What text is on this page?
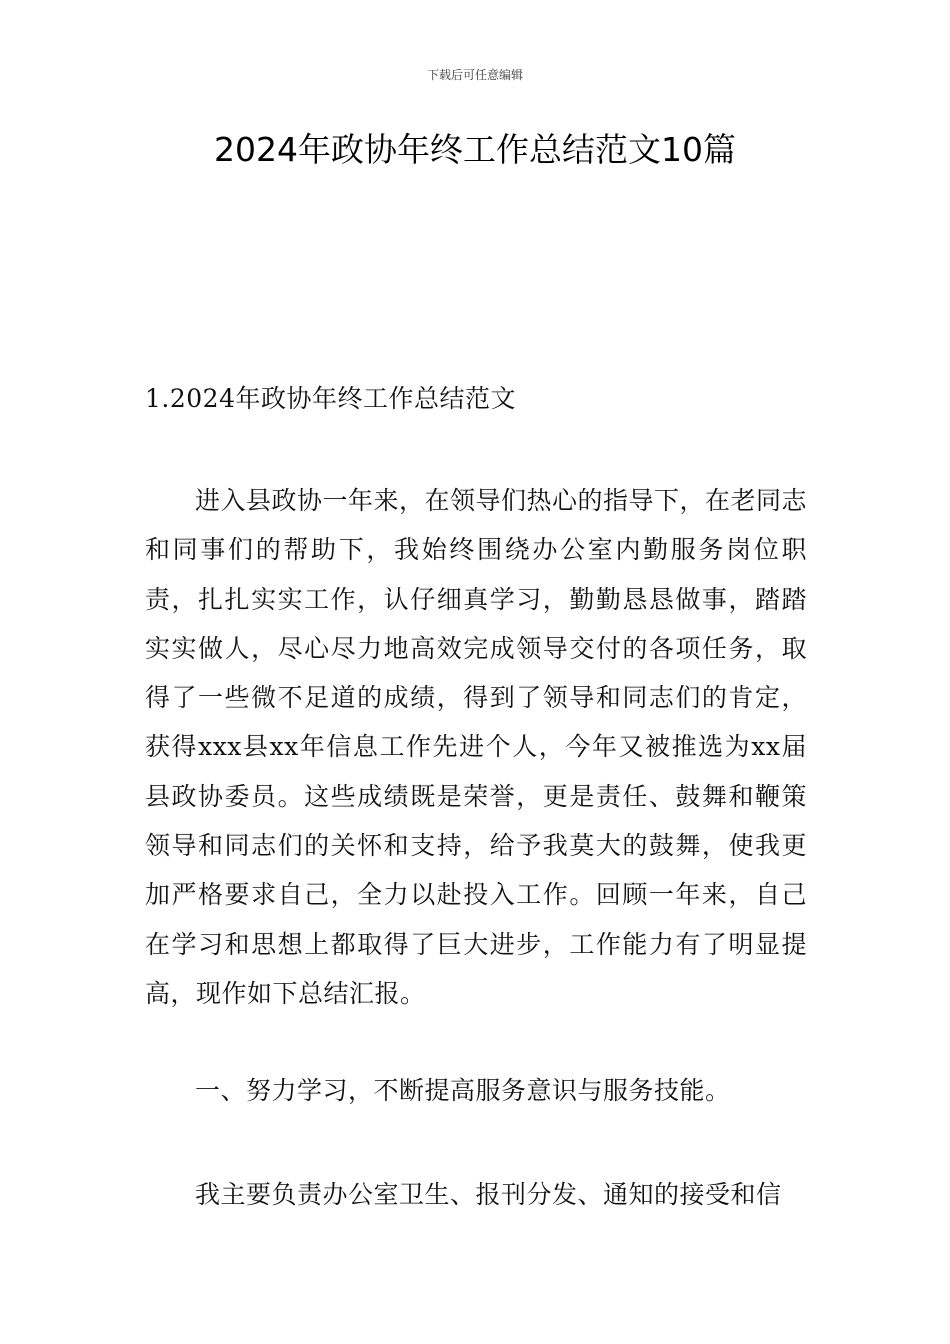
下载后可任意编辑
2024年政协年终工作总结范文10篇
1.2024年政协年终工作总结范文

进入县政协一年来，在领导们热心的指导下，在老同志和同事们的帮助下，我始终围绕办公室内勤服务岗位职责，扎扎实实工作，认仔细真学习，勤勤恳恳做事，踏踏实实做人，尽心尽力地高效完成领导交付的各项任务，取得了一些微不足道的成绩，得到了领导和同志们的肯定，获得xxx县xx年信息工作先进个人，今年又被推选为xx届县政协委员。这些成绩既是荣誉，更是责任、鼓舞和鞭策领导和同志们的关怀和支持，给予我莫大的鼓舞，使我更加严格要求自己，全力以赴投入工作。回顾一年来，自己在学习和思想上都取得了巨大进步，工作能力有了明显提高，现作如下总结汇报。

一、努力学习，不断提高服务意识与服务技能。

我主要负责办公室卫生、报刊分发、通知的接受和信
